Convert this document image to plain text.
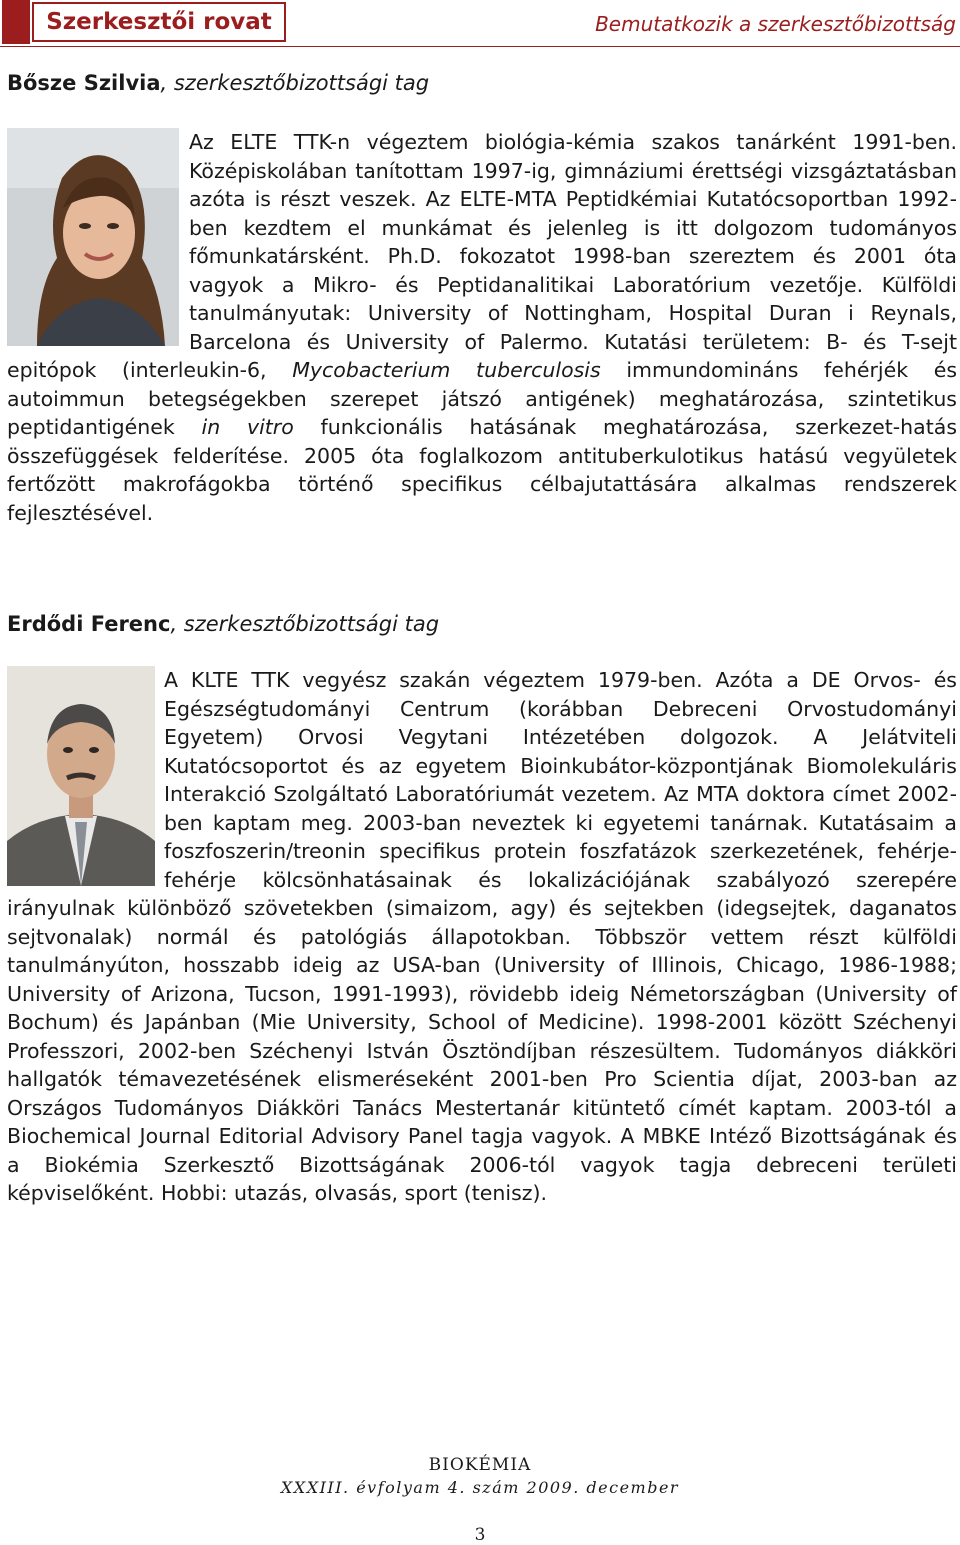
Szerkesztői rovat	Bemutatkozik a szerkesztőbizottság
Bősze Szilvia, szerkesztőbizottsági tag

Az ELTE TTK-n végeztem biológia-kémia szakos tanárként 1991-ben. Középiskolában tanítottam 1997-ig, gimnáziumi érettségi vizsgáztatásban azóta is részt veszek. Az ELTE-MTA Peptidkémiai Kutatócsoportban 1992-ben kezdtem el munkámat és jelenleg is itt dolgozom tudományos főmunkatársként. Ph.D. fokozatot 1998-ban szereztem és 2001 óta vagyok a Mikro- és Peptidanalitikai Laboratórium vezetője. Külföldi tanulmányutak: University of Nottingham, Hospital Duran i Reynals, Barcelona és University of Palermo. Kutatási területem: B- és T-sejt epitópok (interleukin-6, Mycobacterium tuberculosis immundomináns fehérjék és autoimmun betegségekben szerepet játszó antigének) meghatározása, szintetikus peptidantigének in vitro funkcionális hatásának meghatározása, szerkezet-hatás összefüggések felderítése. 2005 óta foglalkozom antituberkulotikus hatású vegyületek fertőzött makrofágokba történő specifikus célbajutattására alkalmas rendszerek fejlesztésével.

Erdődi Ferenc, szerkesztőbizottsági tag

A KLTE TTK vegyész szakán végeztem 1979-ben. Azóta a DE Orvos- és Egészségtudományi Centrum (korábban Debreceni Orvostudományi Egyetem) Orvosi Vegytani Intézetében dolgozok. A Jelátviteli Kutatócsoportot és az egyetem Bioinkubátor-központjának Biomolekuláris Interakció Szolgáltató Laboratóriumát vezetem. Az MTA doktora címet 2002-ben kaptam meg. 2003-ban neveztek ki egyetemi tanárnak. Kutatásaim a foszfoszerin/treonin specifikus protein foszfatázok szerkezetének, fehérje-fehérje kölcsönhatásainak és lokalizációjának szabályozó szerepére irányulnak különböző szövetekben (simaizom, agy) és sejtekben (idegsejtek, daganatos sejtvonalak) normál és patológiás állapotokban. Többször vettem részt külföldi tanulmányúton, hosszabb ideig az USA-ban (University of Illinois, Chicago, 1986-1988; University of Arizona, Tucson, 1991-1993), rövidebb ideig Németországban (University of Bochum) és Japánban (Mie University, School of Medicine). 1998-2001 között Széchenyi Professzori, 2002-ben Széchenyi István Ösztöndíjban részesültem. Tudományos diákköri hallgatók témavezetésének elismeréseként 2001-ben Pro Scientia díjat, 2003-ban az Országos Tudományos Diákköri Tanács Mestertanár kitüntető címét kaptam. 2003-tól a Biochemical Journal Editorial Advisory Panel tagja vagyok. A MBKE Intéző Bizottságának és a Biokémia Szerkesztő Bizottságának 2006-tól vagyok tagja debreceni területi képviselőként. Hobbi: utazás, olvasás, sport (tenisz).

BIOKÉMIA
XXXIII. évfolyam 4. szám 2009. december
3
